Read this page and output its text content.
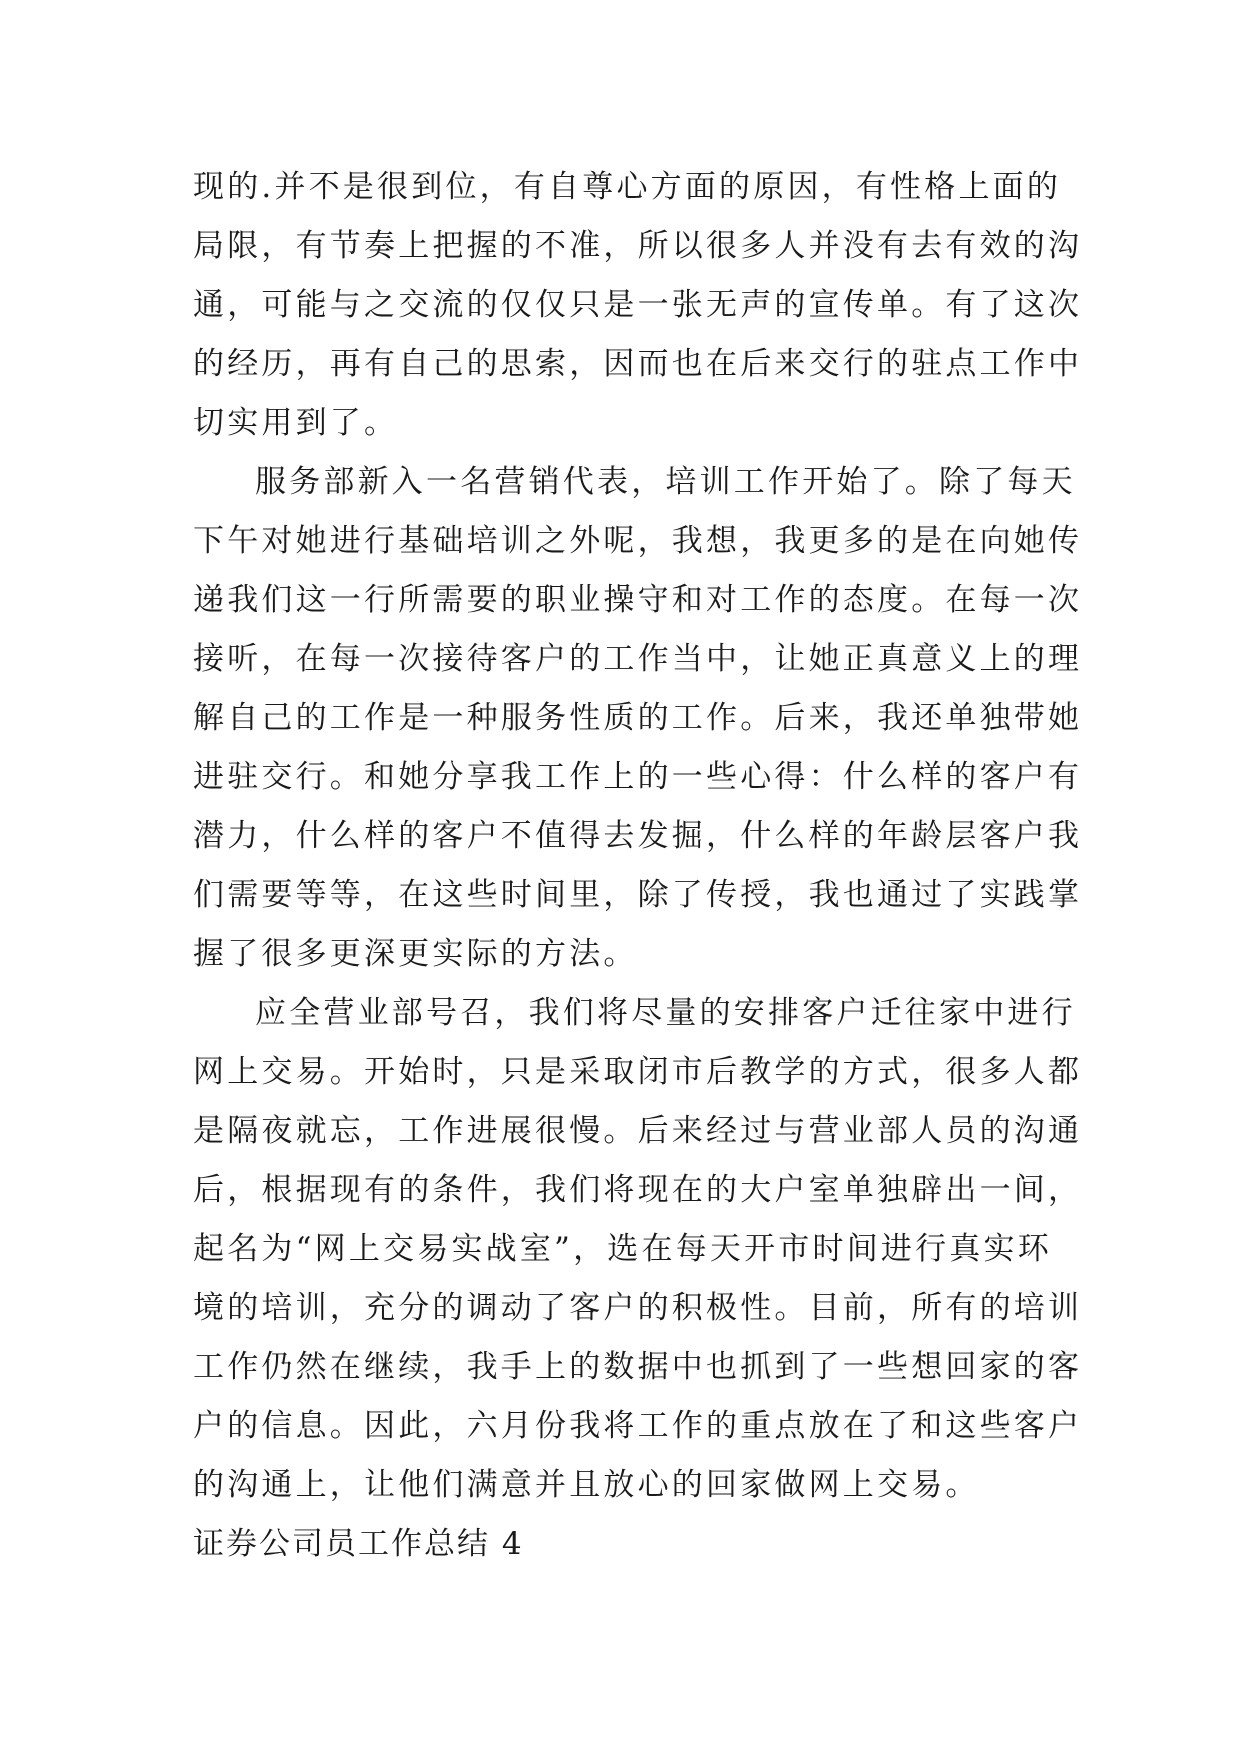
现的.并不是很到位，有自尊心方面的原因，有性格上面的
局限，有节奏上把握的不准，所以很多人并没有去有效的沟
通，可能与之交流的仅仅只是一张无声的宣传单。有了这次
的经历，再有自己的思索，因而也在后来交行的驻点工作中
切实用到了。

服务部新入一名营销代表，培训工作开始了。除了每天
下午对她进行基础培训之外呢，我想，我更多的是在向她传
递我们这一行所需要的职业操守和对工作的态度。在每一次
接听，在每一次接待客户的工作当中，让她正真意义上的理
解自己的工作是一种服务性质的工作。后来，我还单独带她
进驻交行。和她分享我工作上的一些心得：什么样的客户有
潜力，什么样的客户不值得去发掘，什么样的年龄层客户我
们需要等等，在这些时间里，除了传授，我也通过了实践掌
握了很多更深更实际的方法。

应全营业部号召，我们将尽量的安排客户迁往家中进行
网上交易。开始时，只是采取闭市后教学的方式，很多人都
是隔夜就忘，工作进展很慢。后来经过与营业部人员的沟通
后，根据现有的条件，我们将现在的大户室单独辟出一间，
起名为“网上交易实战室”，选在每天开市时间进行真实环
境的培训，充分的调动了客户的积极性。目前，所有的培训
工作仍然在继续，我手上的数据中也抓到了一些想回家的客
户的信息。因此，六月份我将工作的重点放在了和这些客户
的沟通上，让他们满意并且放心的回家做网上交易。

证券公司员工作总结 4
